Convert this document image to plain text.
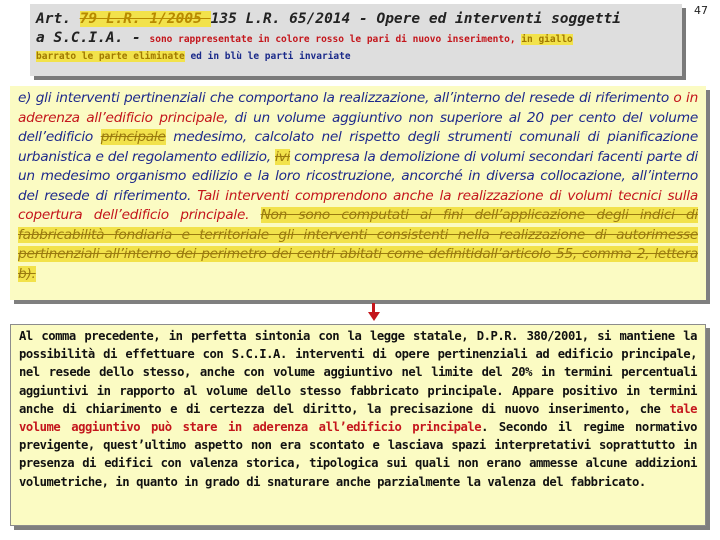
47
Art. 79 L.R. 1/2005 135 L.R. 65/2014 - Opere ed interventi soggetti
a S.C.I.A. - sono rappresentate in colore rosso le pari di nuovo inserimento, in giallo
barrato le parte eliminate ed in blù le parti invariate

e) gli interventi pertinenziali che comportano la realizzazione, all’interno del resede di riferimento o in aderenza all’edificio principale, di un volume aggiuntivo non superiore al 20 per cento del volume dell’edificio principale medesimo, calcolato nel rispetto degli strumenti comunali di pianificazione urbanistica e del regolamento edilizio, ivi compresa la demolizione di volumi secondari facenti parte di un medesimo organismo edilizio e la loro ricostruzione, ancorché in diversa collocazione, all’interno del resede di riferimento. Tali interventi comprendono anche la realizzazione di volumi tecnici sulla copertura dell’edificio principale. Non sono computati ai fini dell’applicazione degli indici di fabbricabilità fondiaria e territoriale gli interventi consistenti nella realizzazione di autorimesse pertinenziali all’interno dei perimetro dei centri abitati come definitidall’articolo 55, comma 2, lettera b).

Al comma precedente, in perfetta sintonia con la legge statale, D.P.R. 380/2001, si mantiene la possibilità di effettuare con S.C.I.A. interventi di opere pertinenziali ad edificio principale, nel resede dello stesso, anche con volume aggiuntivo nel limite del 20% in termini percentuali aggiuntivi in rapporto al volume dello stesso fabbricato principale. Appare positivo in termini anche di chiarimento e di certezza del diritto, la precisazione di nuovo inserimento, che tale volume aggiuntivo può stare in aderenza all’edificio principale. Secondo il regime normativo previgente, quest’ultimo aspetto non era scontato e lasciava spazi interpretativi soprattutto in presenza di edifici con valenza storica, tipologica sui quali non erano ammesse alcune addizioni volumetriche, in quanto in grado di snaturare anche parzialmente la valenza del fabbricato.
